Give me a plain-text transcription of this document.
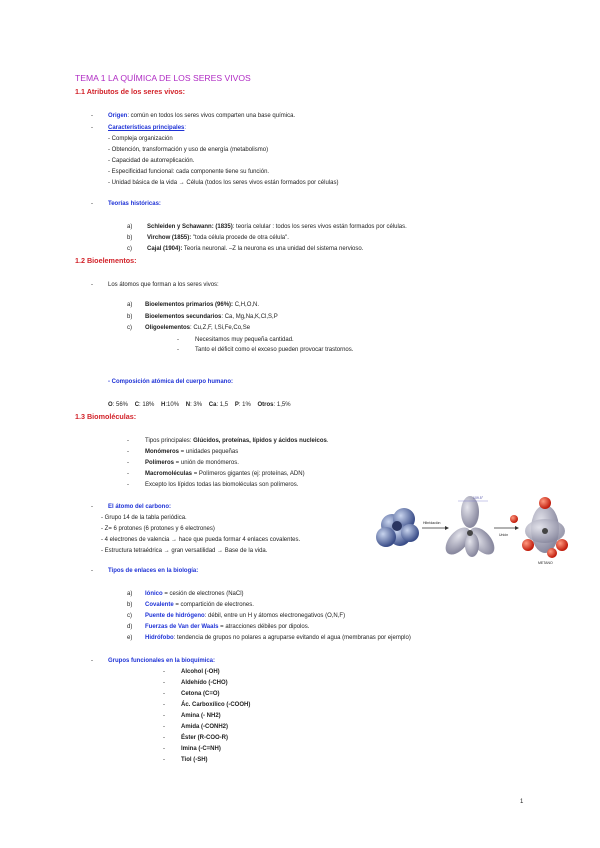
TEMA 1 LA QUÍMICA DE LOS SERES VIVOS
1.1 Atributos de los seres vivos:
-	Origen: común en todos los seres vivos comparten una base química.
-	Características principales:
- Compleja organización
- Obtención, transformación y uso de energía (metabolismo)
- Capacidad de autorreplicación.
- Especificidad funcional: cada componente tiene su función.
- Unidad básica de la vida → Célula (todos los seres vivos están formados por células)
-	Teorías históricas:
a) Schleiden y Schawann: (1835): teoría celular : todos los seres vivos están formados por células.
b) Virchow (1855): "toda célula procede de otra célula".
c)	Cajal (1904): Teoría neuronal. –Z la neurona es una unidad del sistema nervioso.
1.2 Bioelementos:
-	Los átomos que forman a los seres vivos:
a) Bioelementos primarios (96%): C,H,O,N.
b) Bioelementos secundarios: Ca, Mg,Na,K,Cl,S,P
c) Oligoelementos: Cu,Z,F, I,Si,Fe,Co,Se
-	Necesitamos muy pequeña cantidad.
-	Tanto el déficit como el exceso pueden provocar trastornos.
- Composición atómica del cuerpo humano:
O: 56% C: 18% H:10% N: 3% Ca: 1,5 P: 1% Otros: 1,5%
1.3 Biomoléculas:
-	Tipos principales: Glúcidos, proteínas, lípidos y ácidos nucleicos.
-	Monómeros = unidades pequeñas
-	Polímeros = unión de monómeros.
-	Macromoléculas = Polímeros gigantes (ej: proteínas, ADN)
-	Excepto los lípidos todas las biomoléculas son polímeros.
-	El átomo del carbono:
- Grupo 14 de la tabla periódica.
- Z= 6 protones (6 protones y 6 electrones)
- 4 electrones de valencia → hace que pueda formar 4 enlaces covalentes.
- Estructura tetraédrica → gran versatilidad → Base de la vida.
Hibridación
Unión
109.5°
METANO
-	Tipos de enlaces en la biología:
a) Iónico = cesión de electrones (NaCl)
b) Covalente = compartición de electrones.
c) Puente de hidrógeno: débil, entre un H y átomos electronegativos (O,N,F)
d) Fuerzas de Van der Waals = atracciones débiles por dipolos.
e) Hidrófobo: tendencia de grupos no polares a agruparse evitando el agua (membranas por ejemplo)
-	Grupos funcionales en la bioquímica:
-	Alcohol (-OH)
-	Aldehído (-CHO)
-	Cetona (C=O)
-	Ác. Carboxílico (-COOH)
-	Amina (- NH2)
-	Amida (-CONH2)
-	Éster (R-COO-R)
-	Imina (-C=NH)
-	Tiol (-SH)
1
